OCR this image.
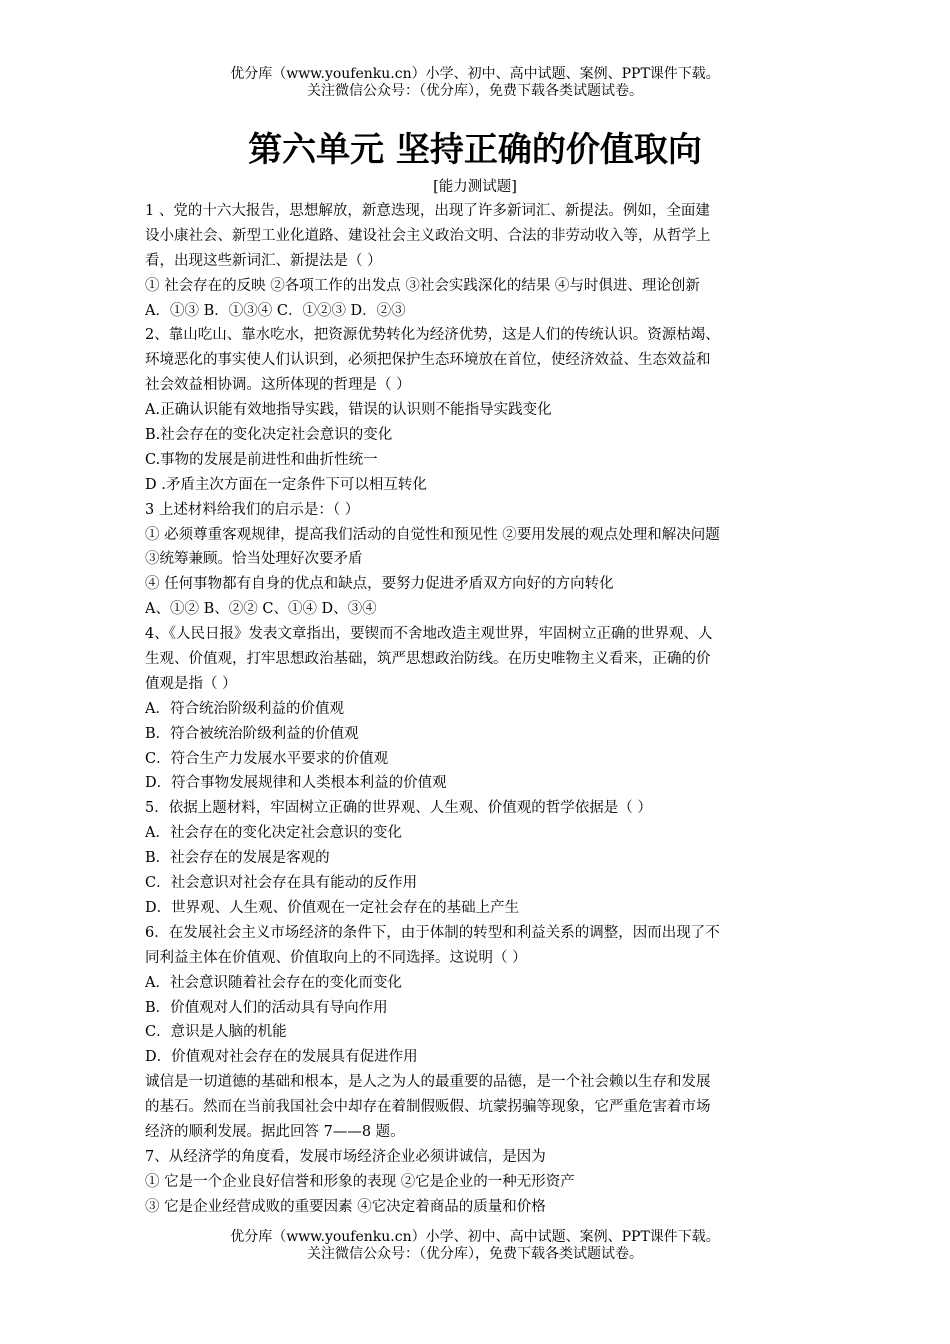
优分库（www.youfenku.cn）小学、初中、高中试题、案例、PPT课件下载。
关注微信公众号：（优分库），免费下载各类试题试卷。
第六单元 坚持正确的价值取向
[能力测试题]
1 、党的十六大报告，思想解放，新意迭现，出现了许多新词汇、新提法。例如，全面建
设小康社会、新型工业化道路、建设社会主义政治文明、合法的非劳动收入等，从哲学上
看，出现这些新词汇、新提法是（ ）
① 社会存在的反映 ②各项工作的出发点 ③社会实践深化的结果 ④与时俱进、理论创新
A．①③ B．①③④ C．①②③ D．②③
2、靠山吃山、靠水吃水，把资源优势转化为经济优势，这是人们的传统认识。资源枯竭、
环境恶化的事实使人们认识到，必须把保护生态环境放在首位，使经济效益、生态效益和
社会效益相协调。这所体现的哲理是（ ）
A.正确认识能有效地指导实践，错误的认识则不能指导实践变化
B.社会存在的变化决定社会意识的变化
C.事物的发展是前进性和曲折性统一
D .矛盾主次方面在一定条件下可以相互转化
3 上述材料给我们的启示是：（ ）
① 必须尊重客观规律，提高我们活动的自觉性和预见性 ②要用发展的观点处理和解决问题
③统筹兼顾。恰当处理好次要矛盾
④ 任何事物都有自身的优点和缺点，要努力促进矛盾双方向好的方向转化
A、①② B、②② C、①④ D、③④
4、《人民日报》发表文章指出，要锲而不舍地改造主观世界，牢固树立正确的世界观、人
生观、价值观，打牢思想政治基础，筑严思想政治防线。在历史唯物主义看来，正确的价
值观是指（ ）
A．符合统治阶级利益的价值观
B．符合被统治阶级利益的价值观
C．符合生产力发展水平要求的价值观
D．符合事物发展规律和人类根本利益的价值观
5．依据上题材料，牢固树立正确的世界观、人生观、价值观的哲学依据是（ ）
A．社会存在的变化决定社会意识的变化
B．社会存在的发展是客观的
C．社会意识对社会存在具有能动的反作用
D．世界观、人生观、价值观在一定社会存在的基础上产生
6．在发展社会主义市场经济的条件下，由于体制的转型和利益关系的调整，因而出现了不
同利益主体在价值观、价值取向上的不同选择。这说明（ ）
A．社会意识随着社会存在的变化而变化
B．价值观对人们的活动具有导向作用
C．意识是人脑的机能
D．价值观对社会存在的发展具有促进作用
诚信是一切道德的基础和根本，是人之为人的最重要的品德，是一个社会赖以生存和发展
的基石。然而在当前我国社会中却存在着制假贩假、坑蒙拐骗等现象，它严重危害着市场
经济的顺利发展。据此回答 7——8 题。
7、从经济学的角度看，发展市场经济企业必须讲诚信，是因为
① 它是一个企业良好信誉和形象的表现 ②它是企业的一种无形资产
③ 它是企业经营成败的重要因素 ④它决定着商品的质量和价格
优分库（www.youfenku.cn）小学、初中、高中试题、案例、PPT课件下载。
关注微信公众号：（优分库），免费下载各类试题试卷。
